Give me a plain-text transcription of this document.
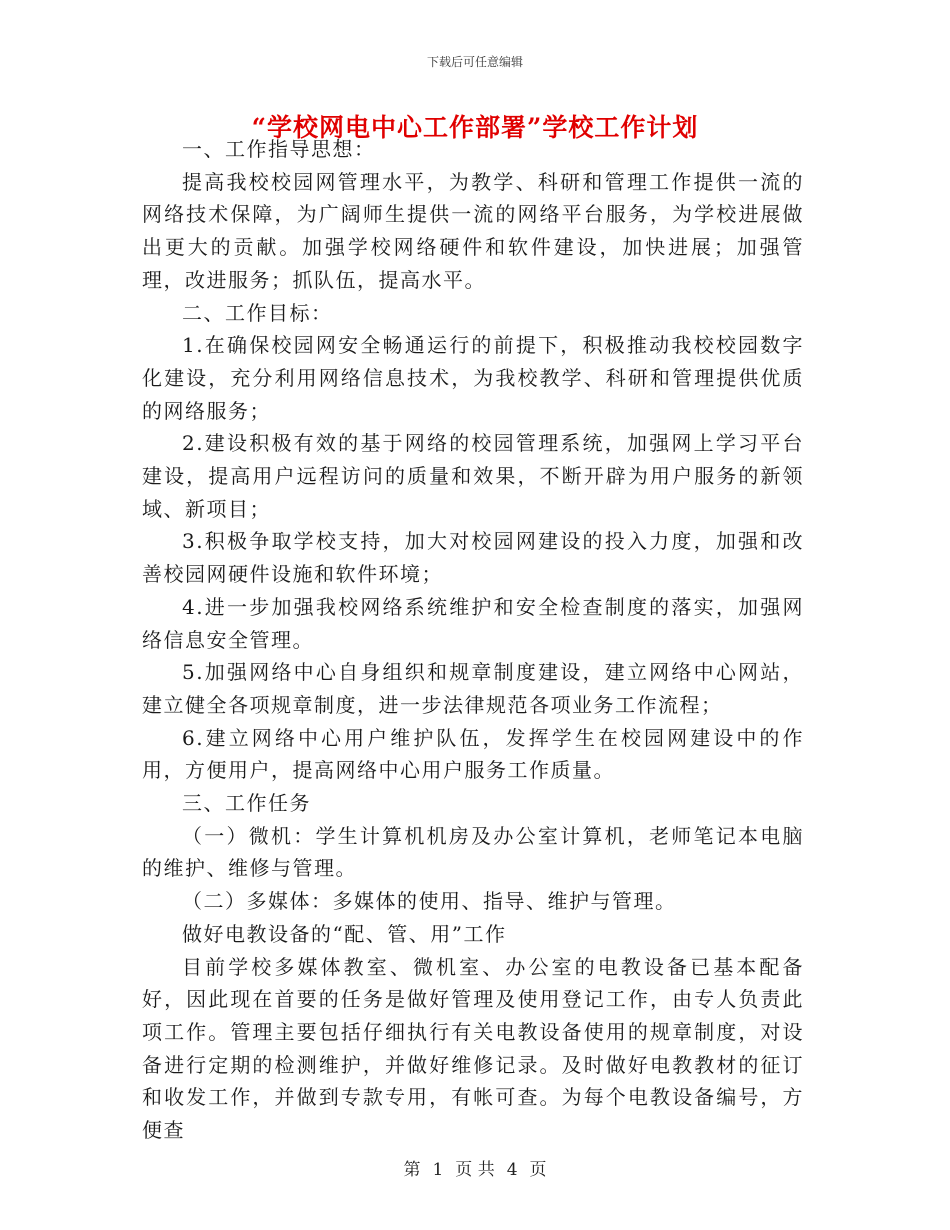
下载后可任意编辑
“学校网电中心工作部署”学校工作计划

一、工作指导思想：

提高我校校园网管理水平，为教学、科研和管理工作提供一流的网络技术保障，为广阔师生提供一流的网络平台服务，为学校进展做出更大的贡献。加强学校网络硬件和软件建设，加快进展；加强管理，改进服务；抓队伍，提高水平。

二、工作目标：

1.在确保校园网安全畅通运行的前提下，积极推动我校校园数字化建设，充分利用网络信息技术，为我校教学、科研和管理提供优质的网络服务；

2.建设积极有效的基于网络的校园管理系统，加强网上学习平台建设，提高用户远程访问的质量和效果，不断开辟为用户服务的新领域、新项目；

3.积极争取学校支持，加大对校园网建设的投入力度，加强和改善校园网硬件设施和软件环境；

4.进一步加强我校网络系统维护和安全检查制度的落实，加强网络信息安全管理。

5.加强网络中心自身组织和规章制度建设，建立网络中心网站，建立健全各项规章制度，进一步法律规范各项业务工作流程；

6.建立网络中心用户维护队伍，发挥学生在校园网建设中的作用，方便用户，提高网络中心用户服务工作质量。

三、工作任务

（一）微机：学生计算机机房及办公室计算机，老师笔记本电脑的维护、维修与管理。

（二）多媒体：多媒体的使用、指导、维护与管理。

做好电教设备的“配、管、用”工作

目前学校多媒体教室、微机室、办公室的电教设备已基本配备好，因此现在首要的任务是做好管理及使用登记工作，由专人负责此项工作。管理主要包括仔细执行有关电教设备使用的规章制度，对设备进行定期的检测维护，并做好维修记录。及时做好电教教材的征订和收发工作，并做到专款专用，有帐可查。为每个电教设备编号，方便查

第 1 页 共 4 页
